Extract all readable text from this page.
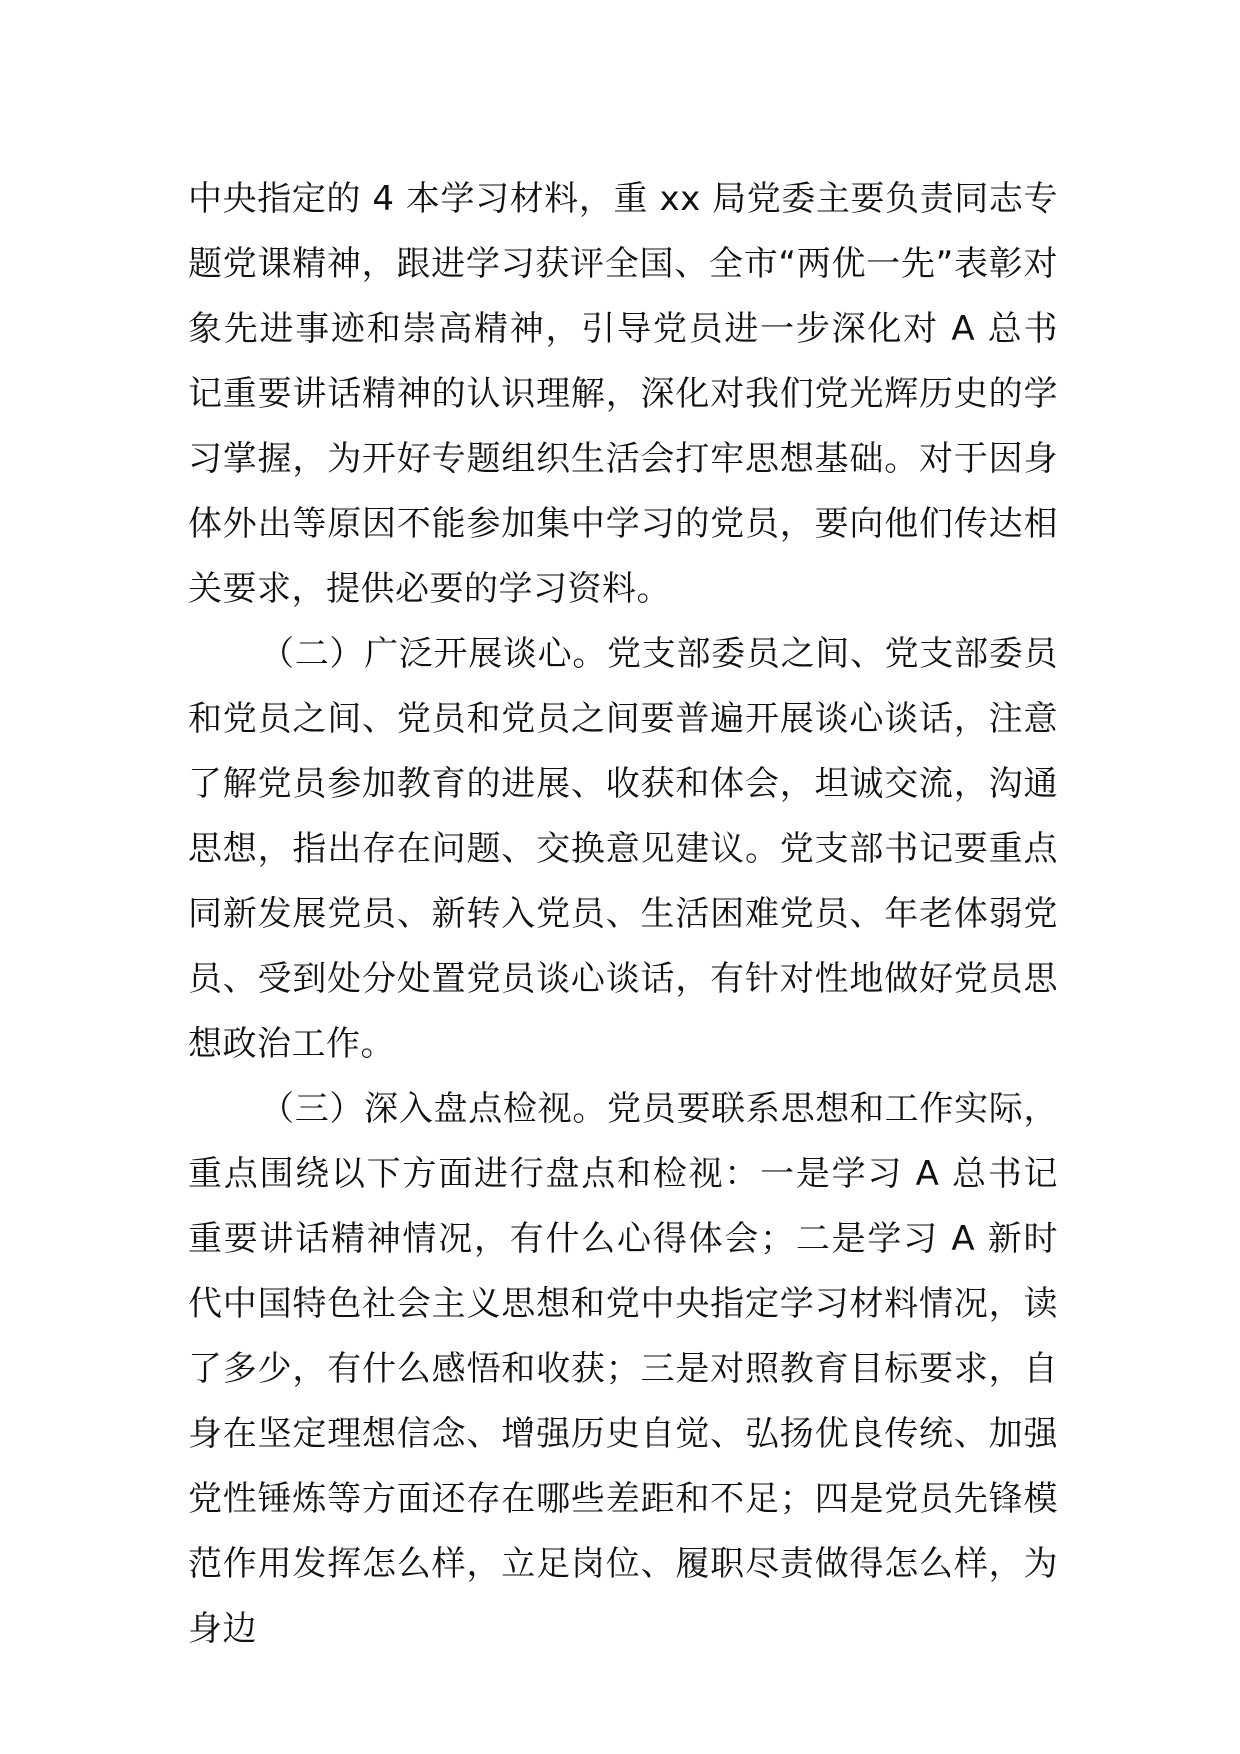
中央指定的 4 本学习材料，重 xx 局党委主要负责同志专题党课精神，跟进学习获评全国、全市“两优一先”表彰对象先进事迹和崇高精神，引导党员进一步深化对 A 总书记重要讲话精神的认识理解，深化对我们党光辉历史的学习掌握，为开好专题组织生活会打牢思想基础。对于因身体外出等原因不能参加集中学习的党员，要向他们传达相关要求，提供必要的学习资料。

（二）广泛开展谈心。党支部委员之间、党支部委员和党员之间、党员和党员之间要普遍开展谈心谈话，注意了解党员参加教育的进展、收获和体会，坦诚交流，沟通思想，指出存在问题、交换意见建议。党支部书记要重点同新发展党员、新转入党员、生活困难党员、年老体弱党员、受到处分处置党员谈心谈话，有针对性地做好党员思想政治工作。

（三）深入盘点检视。党员要联系思想和工作实际，重点围绕以下方面进行盘点和检视：一是学习 A 总书记重要讲话精神情况，有什么心得体会；二是学习 A 新时代中国特色社会主义思想和党中央指定学习材料情况，读了多少，有什么感悟和收获；三是对照教育目标要求，自身在坚定理想信念、增强历史自觉、弘扬优良传统、加强党性锤炼等方面还存在哪些差距和不足；四是党员先锋模范作用发挥怎么样，立足岗位、履职尽责做得怎么样，为身边
